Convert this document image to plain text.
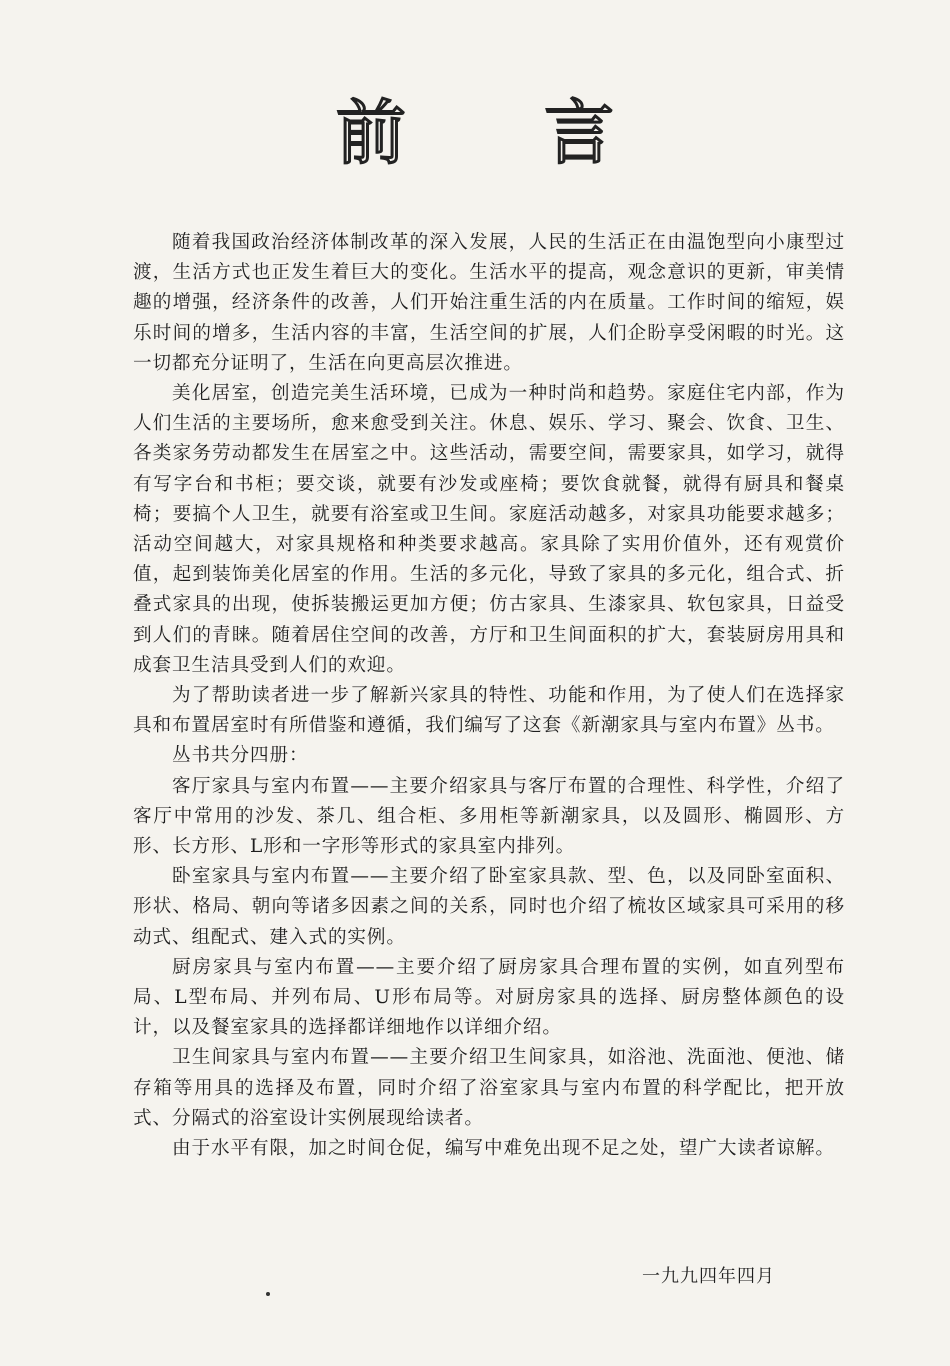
前 言

随着我国政治经济体制改革的深入发展，人民的生活正在由温饱型向小康型过渡，生活方式也正发生着巨大的变化。生活水平的提高，观念意识的更新，审美情趣的增强，经济条件的改善，人们开始注重生活的内在质量。工作时间的缩短，娱乐时间的增多，生活内容的丰富，生活空间的扩展，人们企盼享受闲暇的时光。这一切都充分证明了，生活在向更高层次推进。

美化居室，创造完美生活环境，已成为一种时尚和趋势。家庭住宅内部，作为人们生活的主要场所，愈来愈受到关注。休息、娱乐、学习、聚会、饮食、卫生、各类家务劳动都发生在居室之中。这些活动，需要空间，需要家具，如学习，就得有写字台和书柜；要交谈，就要有沙发或座椅；要饮食就餐，就得有厨具和餐桌椅；要搞个人卫生，就要有浴室或卫生间。家庭活动越多，对家具功能要求越多；活动空间越大，对家具规格和种类要求越高。家具除了实用价值外，还有观赏价值，起到装饰美化居室的作用。生活的多元化，导致了家具的多元化，组合式、折叠式家具的出现，使拆装搬运更加方便；仿古家具、生漆家具、软包家具，日益受到人们的青睐。随着居住空间的改善，方厅和卫生间面积的扩大，套装厨房用具和成套卫生洁具受到人们的欢迎。

为了帮助读者进一步了解新兴家具的特性、功能和作用，为了使人们在选择家具和布置居室时有所借鉴和遵循，我们编写了这套《新潮家具与室内布置》丛书。

丛书共分四册：

客厅家具与室内布置——主要介绍家具与客厅布置的合理性、科学性，介绍了客厅中常用的沙发、茶几、组合柜、多用柜等新潮家具，以及圆形、椭圆形、方形、长方形、L形和一字形等形式的家具室内排列。

卧室家具与室内布置——主要介绍了卧室家具款、型、色，以及同卧室面积、形状、格局、朝向等诸多因素之间的关系，同时也介绍了梳妆区域家具可采用的移动式、组配式、建入式的实例。

厨房家具与室内布置——主要介绍了厨房家具合理布置的实例，如直列型布局、L型布局、并列布局、U形布局等。对厨房家具的选择、厨房整体颜色的设计，以及餐室家具的选择都详细地作以详细介绍。

卫生间家具与室内布置——主要介绍卫生间家具，如浴池、洗面池、便池、储存箱等用具的选择及布置，同时介绍了浴室家具与室内布置的科学配比，把开放式、分隔式的浴室设计实例展现给读者。

由于水平有限，加之时间仓促，编写中难免出现不足之处，望广大读者谅解。

一九九四年四月
